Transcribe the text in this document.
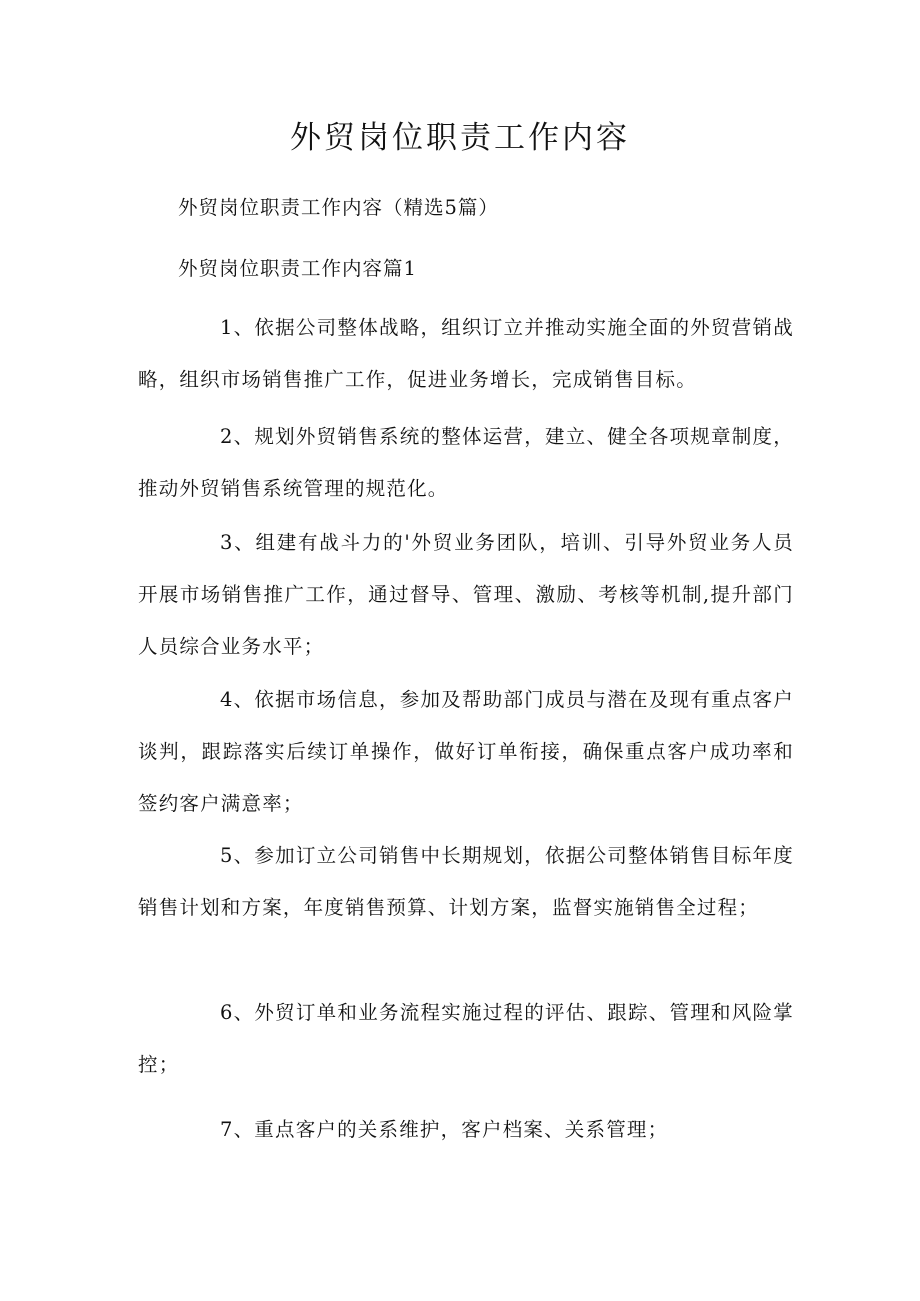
外贸岗位职责工作内容

外贸岗位职责工作内容（精选5篇）

外贸岗位职责工作内容篇1

1、依据公司整体战略，组织订立并推动实施全面的外贸营销战略，组织市场销售推广工作，促进业务增长，完成销售目标。

2、规划外贸销售系统的整体运营，建立、健全各项规章制度，推动外贸销售系统管理的规范化。

3、组建有战斗力的'外贸业务团队，培训、引导外贸业务人员开展市场销售推广工作，通过督导、管理、激励、考核等机制,提升部门人员综合业务水平；

4、依据市场信息，参加及帮助部门成员与潜在及现有重点客户谈判，跟踪落实后续订单操作，做好订单衔接，确保重点客户成功率和签约客户满意率；

5、参加订立公司销售中长期规划，依据公司整体销售目标年度销售计划和方案，年度销售预算、计划方案，监督实施销售全过程；

6、外贸订单和业务流程实施过程的评估、跟踪、管理和风险掌控；

7、重点客户的关系维护，客户档案、关系管理；
